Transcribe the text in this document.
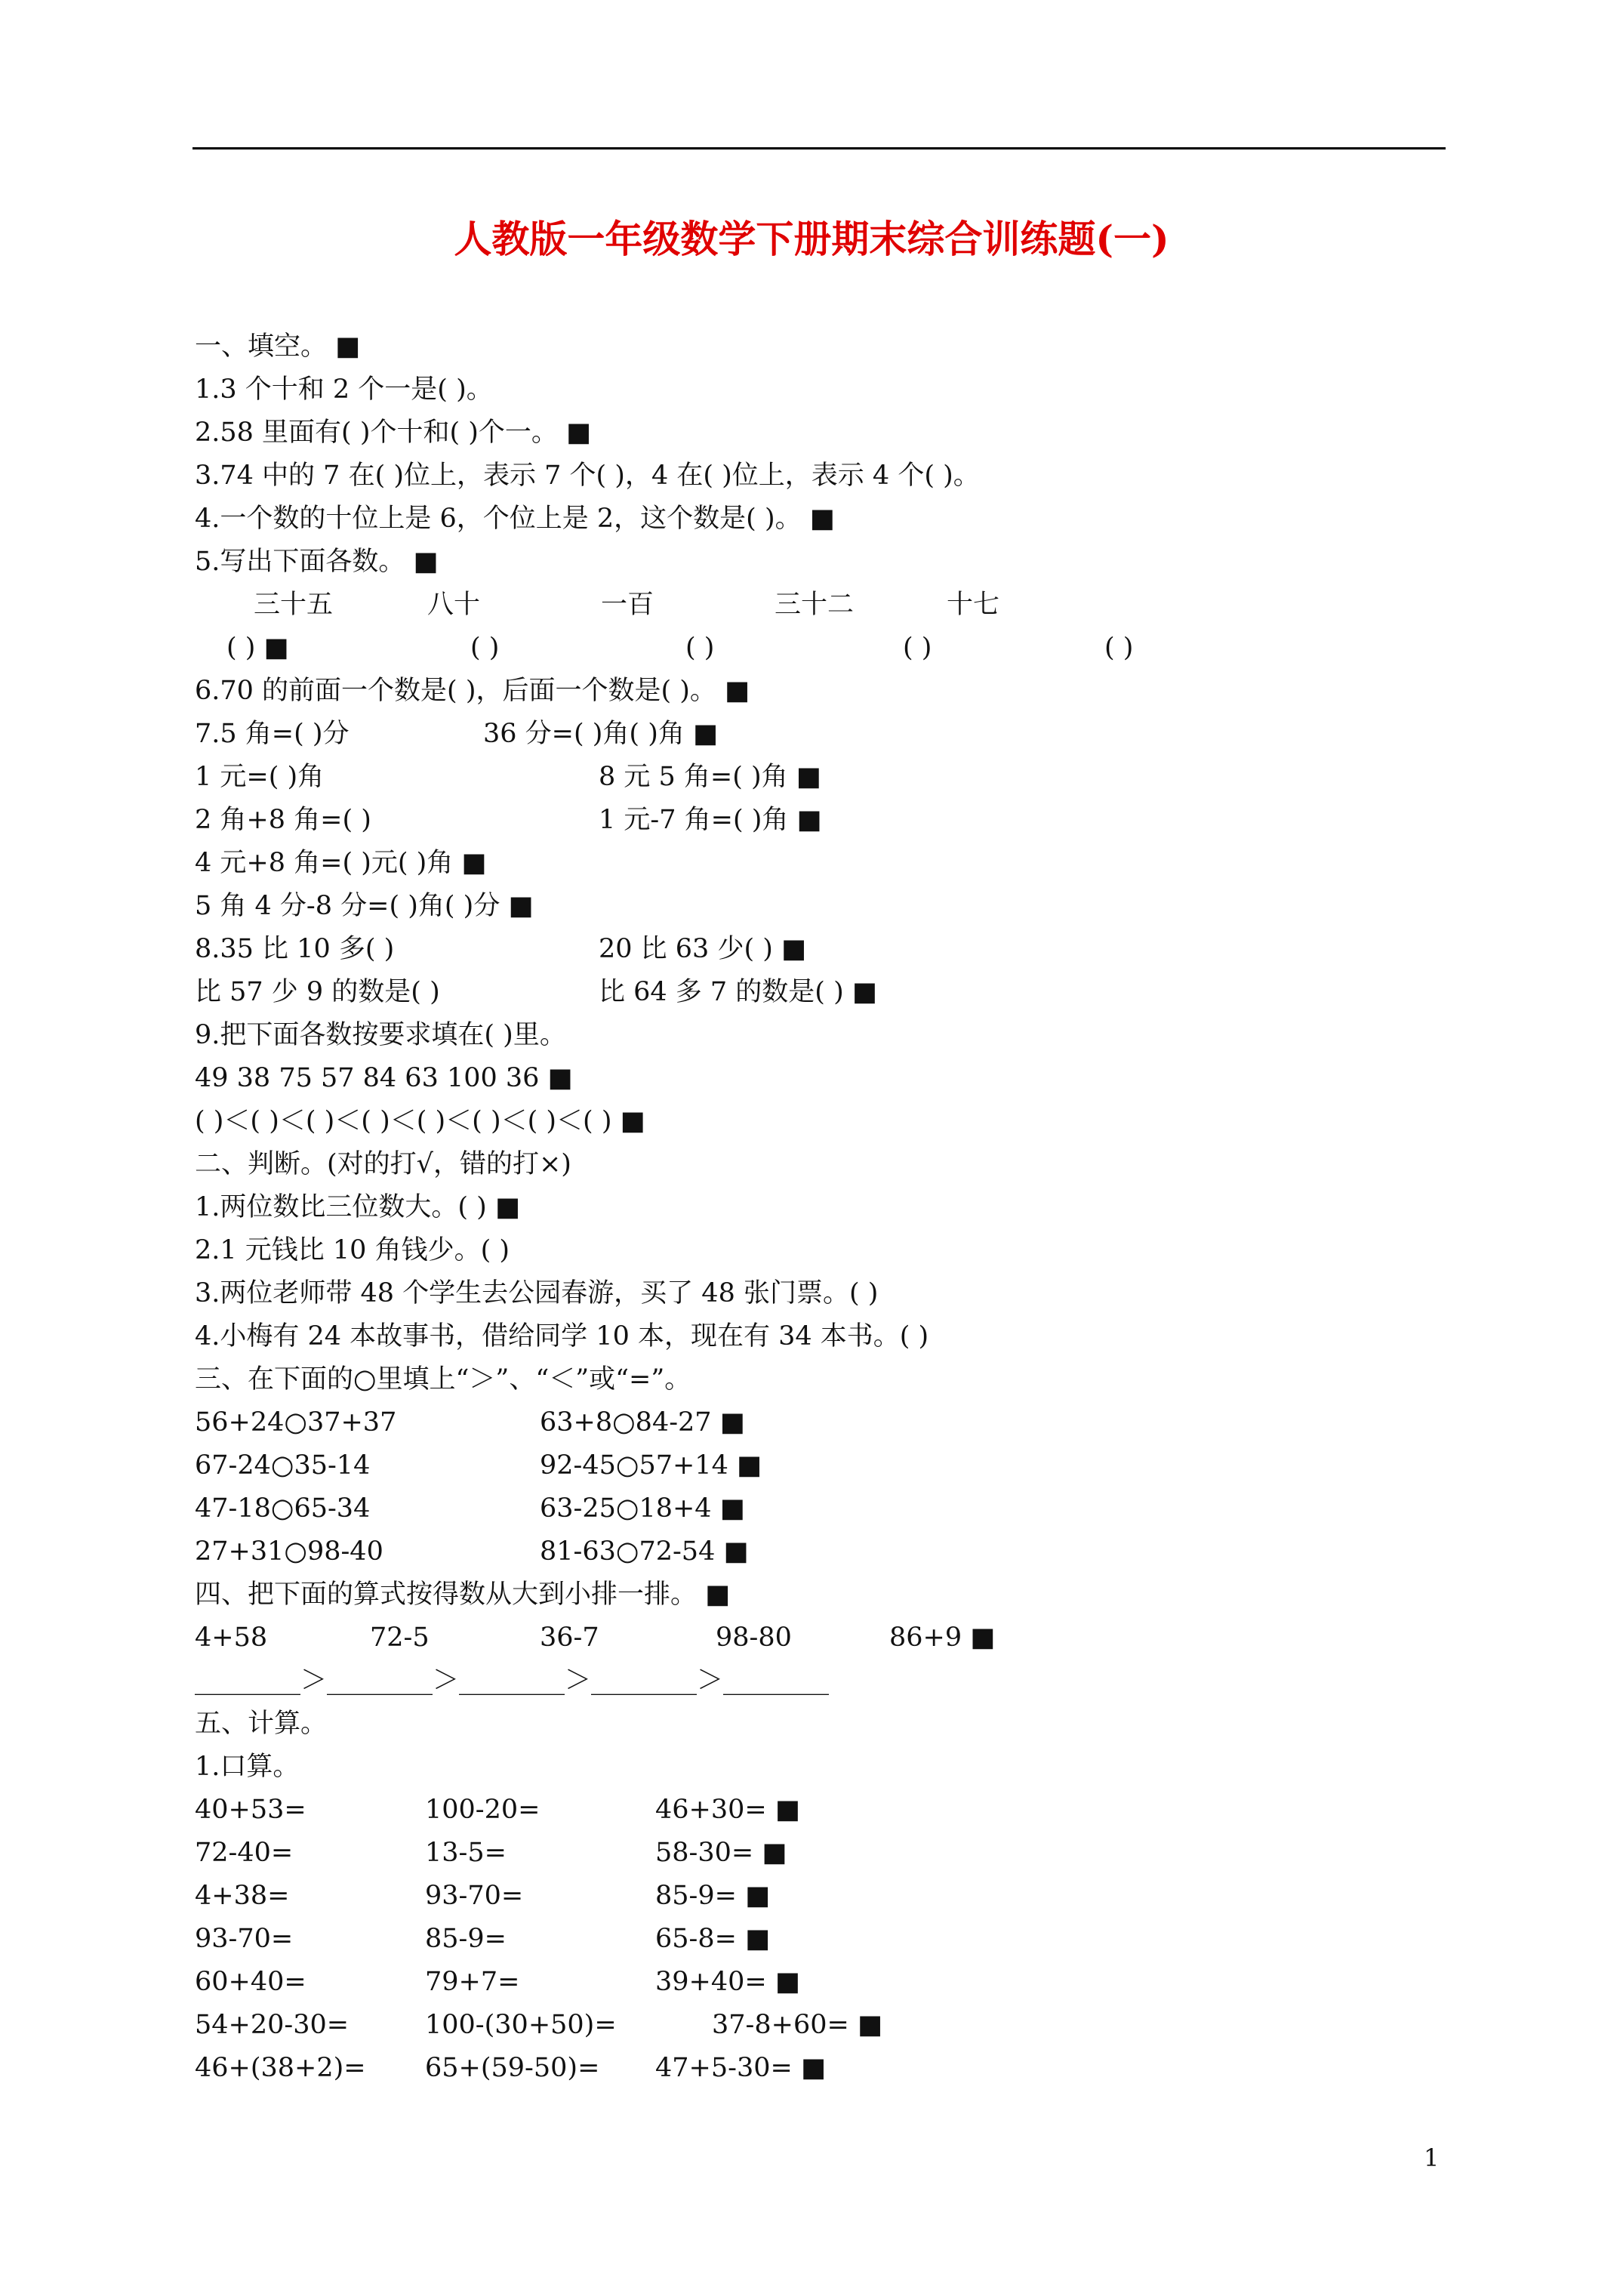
人教版一年级数学下册期末综合训练题(一)
一、填空。 ■
1.3 个十和 2 个一是( )。
2.58 里面有( )个十和( )个一。 ■
3.74 中的 7 在( )位上，表示 7 个( )，4 在( )位上，表示 4 个( )。
4.一个数的十位上是 6，个位上是 2，这个数是( )。 ■
5.写出下面各数。 ■
三十五	八十	一百	三十二	十七
( ) ■	( )	( )	( )	( )
6.70 的前面一个数是( )，后面一个数是( )。 ■
7.5 角=( )分	36 分=( )角( )角 ■
1 元=( )角	8 元 5 角=( )角 ■
2 角+8 角=( )	1 元-7 角=( )角 ■
4 元+8 角=( )元( )角 ■
5 角 4 分-8 分=( )角( )分 ■
8.35 比 10 多( )	20 比 63 少( ) ■
比 57 少 9 的数是( )	比 64 多 7 的数是( ) ■
9.把下面各数按要求填在( )里。
49 38 75 57 84 63 100 36 ■
( )＜( )＜( )＜( )＜( )＜( )＜( )＜( ) ■
二、判断。(对的打√，错的打×)
1.两位数比三位数大。( ) ■
2.1 元钱比 10 角钱少。( )
3.两位老师带 48 个学生去公园春游，买了 48 张门票。( )
4.小梅有 24 本故事书，借给同学 10 本，现在有 34 本书。( )
三、在下面的○里填上“＞”、“＜”或“=”。
56+24○37+37	63+8○84-27 ■
67-24○35-14	92-45○57+14 ■
47-18○65-34	63-25○18+4 ■
27+31○98-40	81-63○72-54 ■
四、把下面的算式按得数从大到小排一排。 ■
4+58	72-5	36-7	98-80	86+9 ■
________＞________＞________＞________＞________
五、计算。
1.口算。
40+53=	100-20=	46+30= ■
72-40=	13-5=	58-30= ■
4+38=	93-70=	85-9= ■
93-70=	85-9=	65-8= ■
60+40=	79+7=	39+40= ■
54+20-30=	100-(30+50)=	37-8+60= ■
46+(38+2)= 65+(59-50)= 47+5-30= ■
1
